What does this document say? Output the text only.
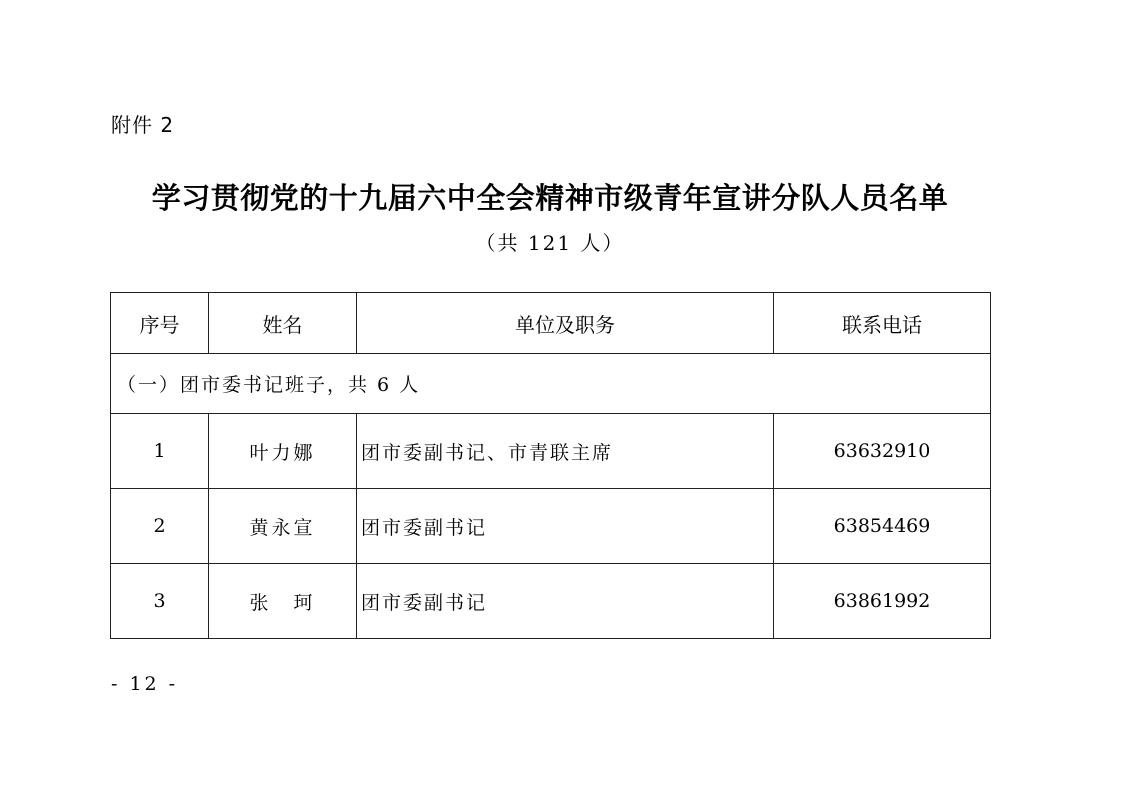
附件 2
学习贯彻党的十九届六中全会精神市级青年宣讲分队人员名单
（共 121 人）
序号	姓名	单位及职务	联系电话
（一）团市委书记班子，共 6 人			
1	叶力娜	团市委副书记、市青联主席	63632910
2	黄永宣	团市委副书记	63854469
3	张　珂	团市委副书记	63861992
- 12 -
